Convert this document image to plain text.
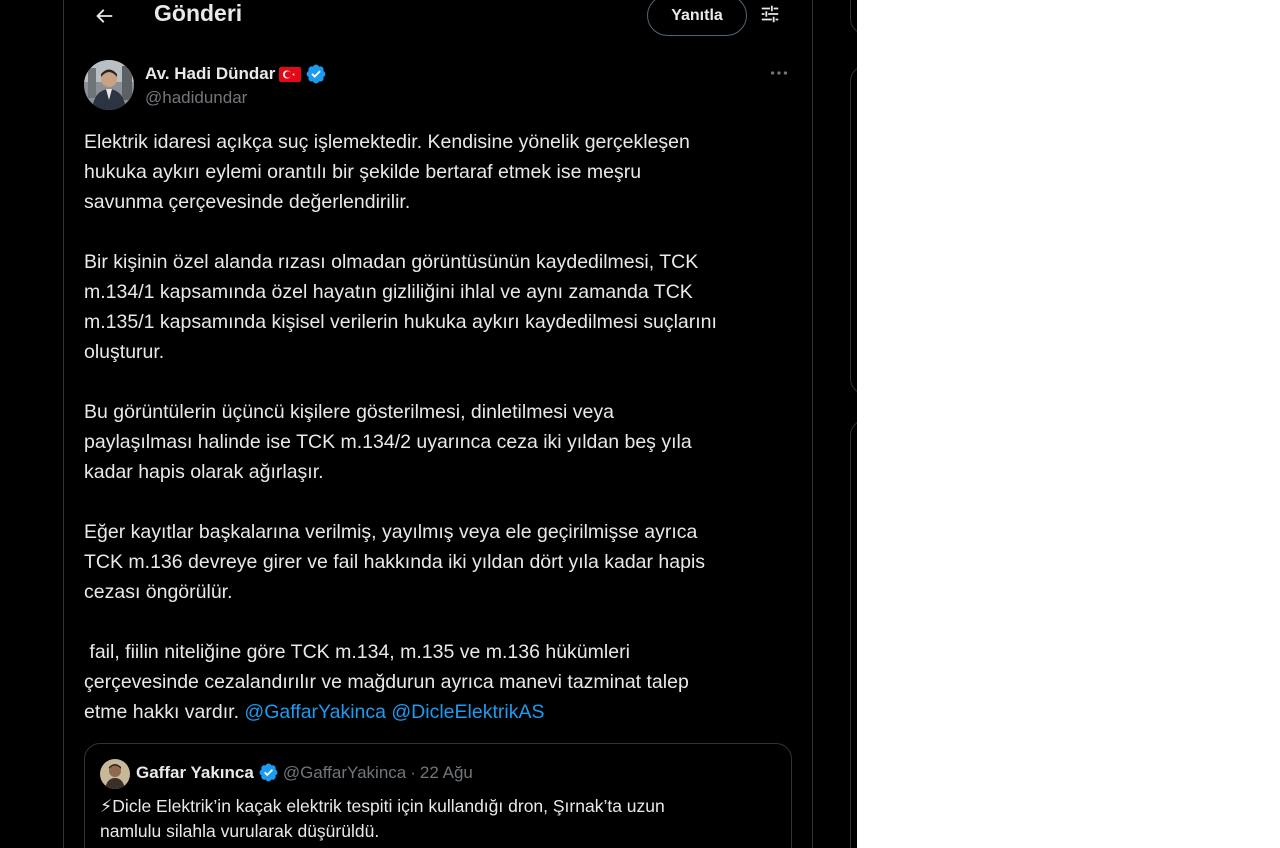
Gönderi	Yanıtla
Av. Hadi Dündar
@hadidundar
Elektrik idaresi açıkça suç işlemektedir. Kendisine yönelik gerçekleşen
hukuka aykırı eylemi orantılı bir şekilde bertaraf etmek ise meşru
savunma çerçevesinde değerlendirilir.
Bir kişinin özel alanda rızası olmadan görüntüsünün kaydedilmesi, TCK
m.134/1 kapsamında özel hayatın gizliliğini ihlal ve aynı zamanda TCK
m.135/1 kapsamında kişisel verilerin hukuka aykırı kaydedilmesi suçlarını
oluşturur.
Bu görüntülerin üçüncü kişilere gösterilmesi, dinletilmesi veya
paylaşılması halinde ise TCK m.134/2 uyarınca ceza iki yıldan beş yıla
kadar hapis olarak ağırlaşır.
Eğer kayıtlar başkalarına verilmiş, yayılmış veya ele geçirilmişse ayrıca
TCK m.136 devreye girer ve fail hakkında iki yıldan dört yıla kadar hapis
cezası öngörülür.
fail, fiilin niteliğine göre TCK m.134, m.135 ve m.136 hükümleri
çerçevesinde cezalandırılır ve mağdurun ayrıca manevi tazminat talep
etme hakkı vardır. @GaffarYakinca @DicleElektrikAS
Gaffar Yakınca @GaffarYakinca · 22 Ağu
⚡Dicle Elektrik’in kaçak elektrik tespiti için kullandığı dron, Şırnak’ta uzun
namlulu silahla vurularak düşürüldü.
